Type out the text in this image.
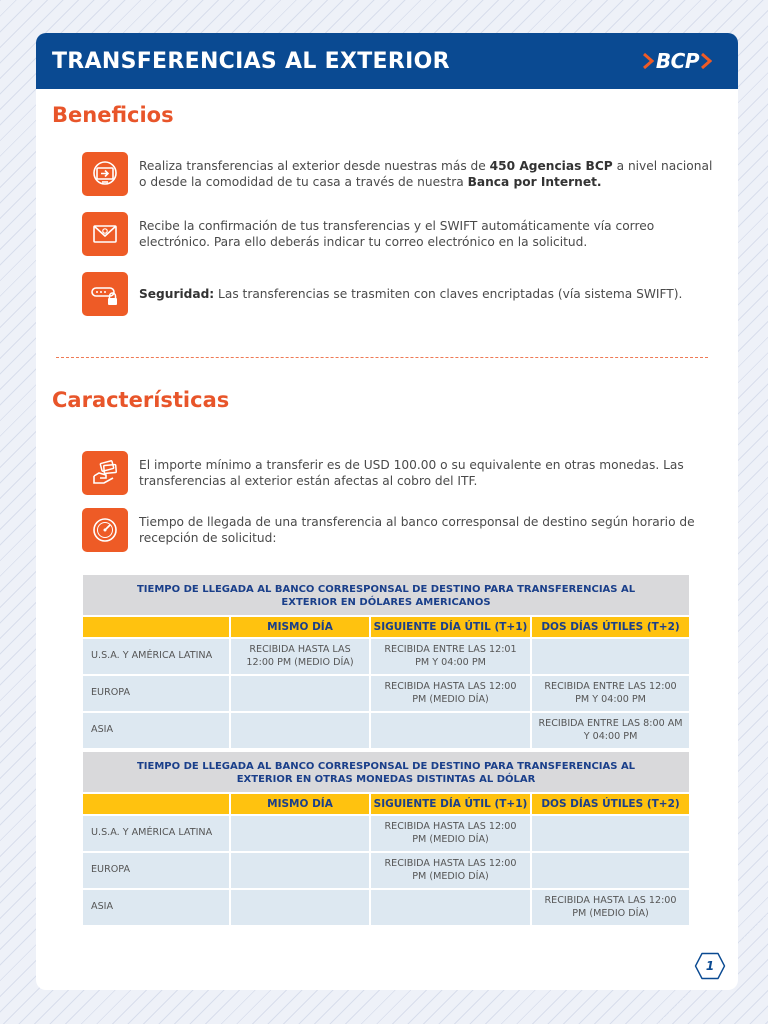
TRANSFERENCIAS AL EXTERIOR	BCP
Beneficios
Realiza transferencias al exterior desde nuestras más de 450 Agencias BCP a nivel nacional o desde la comodidad de tu casa a través de nuestra Banca por Internet.
Recibe la confirmación de tus transferencias y el SWIFT automáticamente vía correo electrónico. Para ello deberás indicar tu correo electrónico en la solicitud.
Seguridad: Las transferencias se trasmiten con claves encriptadas (vía sistema SWIFT).
Características
El importe mínimo a transferir es de USD 100.00 o su equivalente en otras monedas. Las transferencias al exterior están afectas al cobro del ITF.
Tiempo de llegada de una transferencia al banco corresponsal de destino según horario de recepción de solicitud:
TIEMPO DE LLEGADA AL BANCO CORRESPONSAL DE DESTINO PARA TRANSFERENCIAS AL EXTERIOR EN DÓLARES AMERICANOS			
	MISMO DÍA	SIGUIENTE DÍA ÚTIL (T+1)	DOS DÍAS ÚTILES (T+2)
U.S.A. Y AMÉRICA LATINA	RECIBIDA HASTA LAS 12:00 PM (MEDIO DÍA)	RECIBIDA ENTRE LAS 12:01 PM Y 04:00 PM	
EUROPA		RECIBIDA HASTA LAS 12:00 PM (MEDIO DÍA)	RECIBIDA ENTRE LAS 12:00 PM Y 04:00 PM
ASIA			RECIBIDA ENTRE LAS 8:00 AM Y 04:00 PM
TIEMPO DE LLEGADA AL BANCO CORRESPONSAL DE DESTINO PARA TRANSFERENCIAS AL EXTERIOR EN OTRAS MONEDAS DISTINTAS AL DÓLAR			
	MISMO DÍA	SIGUIENTE DÍA ÚTIL (T+1)	DOS DÍAS ÚTILES (T+2)
U.S.A. Y AMÉRICA LATINA		RECIBIDA HASTA LAS 12:00 PM (MEDIO DÍA)	
EUROPA		RECIBIDA HASTA LAS 12:00 PM (MEDIO DÍA)	
ASIA			RECIBIDA HASTA LAS 12:00 PM (MEDIO DÍA)
1
